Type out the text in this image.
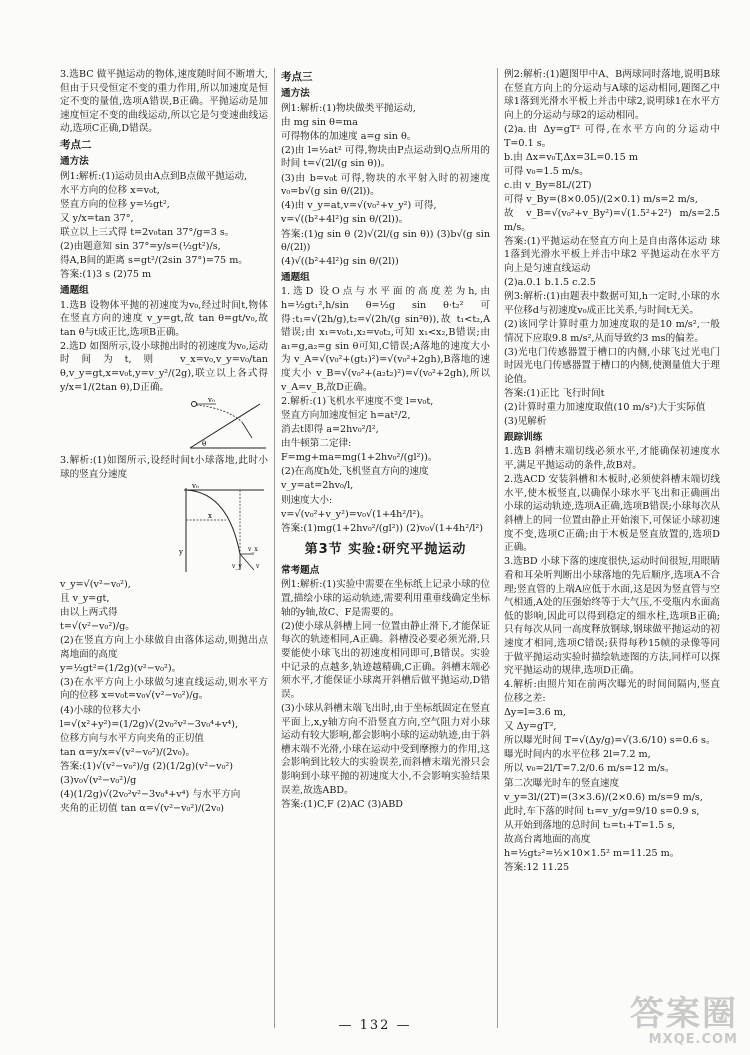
3.选BC 做平抛运动的物体,速度随时间不断增大,但由于只受恒定不变的重力作用,所以加速度是恒定不变的量值,选项A错误,B正确。平抛运动是加速度恒定不变的曲线运动,所以它是匀变速曲线运动,选项C正确,D错误。

考点二
通方法

例1:解析:(1)运动员由A点到B点做平抛运动,

水平方向的位移 x=v₀t,

竖直方向的位移 y=½gt²,

又 y/x=tan 37°,

联立以上三式得 t=2v₀tan 37°/g=3 s。

(2)由题意知 sin 37°=y/s=(½gt²)/s,

得A,B间的距离 s=gt²/(2sin 37°)=75 m。

答案:(1)3 s (2)75 m

通题组

1.选B 设物体平抛的初速度为v₀,经过时间t,物体在竖直方向的速度 v_y=gt,故 tan θ=gt/v₀,故 tan θ与t成正比,选项B正确。

2.选D 如图所示,设小球抛出时的初速度为v₀,运动时间为t,则 v_x=v₀,v_y=v₀/tan θ,v_y=gt,x=v₀t,y=v_y²/(2g),联立以上各式得 y/x=1/(2tan θ),D正确。

v₀
θ

3.解析:(1)如图所示,设经时间t小球落地,此时小球的竖直分速度

v₀
x
y	v_x
v_y v

v_y=√(v²−v₀²),

且 v_y=gt,

由以上两式得

t=√(v²−v₀²)/g。

(2)在竖直方向上小球做自由落体运动,则抛出点离地面的高度

y=½gt²=(1/2g)(v²−v₀²)。

(3)在水平方向上小球做匀速直线运动,则水平方向的位移 x=v₀t=v₀√(v²−v₀²)/g。

(4)小球的位移大小

l=√(x²+y²)=(1/2g)√(2v₀²v²−3v₀⁴+v⁴),

位移方向与水平方向夹角的正切值

tan α=y/x=√(v²−v₀²)/(2v₀)。

答案:(1)√(v²−v₀²)/g (2)(1/2g)(v²−v₀²)

(3)v₀√(v²−v₀²)/g

(4)(1/2g)√(2v₀²v²−3v₀⁴+v⁴) 与水平方向

夹角的正切值 tan α=√(v²−v₀²)/(2v₀)

考点三
通方法

例1:解析:(1)物块做类平抛运动,

由 mg sin θ=ma

可得物体的加速度 a=g sin θ。

(2)由 l=½at² 可得,物块由P点运动到Q点所用的时间 t=√(2l/(g sin θ))。

(3)由 b=v₀t 可得,物块的水平射入时的初速度 v₀=b√(g sin θ/(2l))。

(4)由 v_y=at,v=√(v₀²+v_y²) 可得,

v=√((b²+4l²)g sin θ/(2l))。

答案:(1)g sin θ (2)√(2l/(g sin θ)) (3)b√(g sin θ/(2l))

(4)√((b²+4l²)g sin θ/(2l))

通题组

1.选D 设O点与水平面的高度差为h,由 h=½gt₁²,h/sin θ=½g sin θ·t₂² 可得:t₁=√(2h/g),t₂=√(2h/(g sin²θ)),故 t₁<t₂,A错误;由 x₁=v₀t₁,x₂=v₀t₂,可知 x₁<x₂,B错误;由 a₁=g,a₂=g sin θ可知,C错误;A落地的速度大小为 v_A=√(v₀²+(gt₁)²)=√(v₀²+2gh),B落地的速度大小 v_B=√(v₀²+(a₂t₂)²)=√(v₀²+2gh),所以 v_A=v_B,故D正确。

2.解析:(1)飞机水平速度不变 l=v₀t,

竖直方向加速度恒定 h=at²/2,

消去t即得 a=2hv₀²/l²,

由牛顿第二定律:

F=mg+ma=mg(1+2hv₀²/(gl²))。

(2)在高度h处,飞机竖直方向的速度

v_y=at=2hv₀/l,

则速度大小:

v=√(v₀²+v_y²)=v₀√(1+4h²/l²)。

答案:(1)mg(1+2hv₀²/(gl²)) (2)v₀√(1+4h²/l²)

第3节 实验:研究平抛运动
常考题点

例1:解析:(1)实验中需要在坐标纸上记录小球的位置,描绘小球的运动轨迹,需要利用重垂线确定坐标轴的y轴,故C、F是需要的。

(2)使小球从斜槽上同一位置由静止滑下,才能保证每次的轨迹相同,A正确。斜槽没必要必须光滑,只要能使小球飞出的初速度相同即可,B错误。实验中记录的点越多,轨迹越精确,C正确。斜槽末端必须水平,才能保证小球离开斜槽后做平抛运动,D错误。

(3)小球从斜槽末端飞出时,由于坐标纸固定在竖直平面上,x,y轴方向不沿竖直方向,空气阻力对小球运动有较大影响,都会影响小球的运动轨迹,由于斜槽末端不光滑,小球在运动中受到摩擦力的作用,这会影响到比较大的实验误差,而斜槽末端光滑只会影响到小球平抛的初速度大小,不会影响实验结果误差,故选ABD。

答案:(1)C,F (2)AC (3)ABD

例2:解析:(1)题图甲中A、B两球同时落地,说明B球在竖直方向上的分运动与A球的运动相同,题图乙中球1落到光滑水平板上并击中球2,说明球1在水平方向上的分运动与球2的运动相同。

(2)a.由 Δy=gT² 可得,在水平方向的分运动中 T=0.1 s。

b.由 Δx=v₀T,Δx=3L=0.15 m

可得 v₀=1.5 m/s。

c.由 v_By=8L/(2T)

可得 v_By=(8×0.05)/(2×0.1) m/s=2 m/s,

故 v_B=√(v₀²+v_By²)=√(1.5²+2²) m/s=2.5 m/s。

答案:(1)平抛运动在竖直方向上是自由落体运动 球1落到光滑水平板上并击中球2 平抛运动在水平方向上是匀速直线运动

(2)a.0.1 b.1.5 c.2.5

例3:解析:(1)由题表中数据可知,h一定时,小球的水平位移d与初速度v₀成正比关系,与时间t无关。

(2)该同学计算时重力加速度取的是10 m/s²,一般情况下应取9.8 m/s²,从而导致约3 ms的偏差。

(3)光电门传感器置于槽口的内侧,小球飞过光电门时因光电门传感器置于槽口的内侧,使测量值大于理论值。

答案:(1)正比 飞行时间t

(2)计算时重力加速度取值(10 m/s²)大于实际值

(3)见解析

跟踪训练

1.选B 斜槽末端切线必须水平,才能确保初速度水平,满足平抛运动的条件,故B对。

2.选ACD 安装斜槽和木板时,必须使斜槽末端切线水平,使木板竖直,以确保小球水平飞出和正确画出小球的运动轨迹,选项A正确,选项B错误;小球每次从斜槽上的同一位置由静止开始滚下,可保证小球初速度不变,选项C正确;由于木板是竖直放置的,选项D正确。

3.选BD 小球下落的速度很快,运动时间很短,用眼睛看和耳朵听判断出小球落地的先后顺序,选项A不合理;竖直管的上端A应低于水面,这是因为竖直管与空气相通,A处的压强始终等于大气压,不受瓶内水面高低的影响,因此可以得到稳定的细水柱,选项B正确;只有每次从同一高度释放钢球,钢球做平抛运动的初速度才相同,选项C错误;获得每秒15帧的录像等同于做平抛运动实验时描绘轨迹图的方法,同样可以探究平抛运动的规律,选项D正确。

4.解析:由照片知在前两次曝光的时间间隔内,竖直位移之差:

Δy=l=3.6 m,

又 Δy=gT²,

所以曝光时间 T=√(Δy/g)=√(3.6/10) s=0.6 s。

曝光时间内的水平位移 2l=7.2 m,

所以 v₀=2l/T=7.2/0.6 m/s=12 m/s。

第二次曝光时车的竖直速度

v_y=3l/(2T)=(3×3.6)/(2×0.6) m/s=9 m/s,

此时,车下落的时间 t₁=v_y/g=9/10 s=0.9 s,

从开始到落地的总时间 t₂=t₁+T=1.5 s,

故高台离地面的高度

h=½gt₂²=½×10×1.5² m=11.25 m。

答案:12 11.25

— 132 —	答案圈
MXQE.COM
